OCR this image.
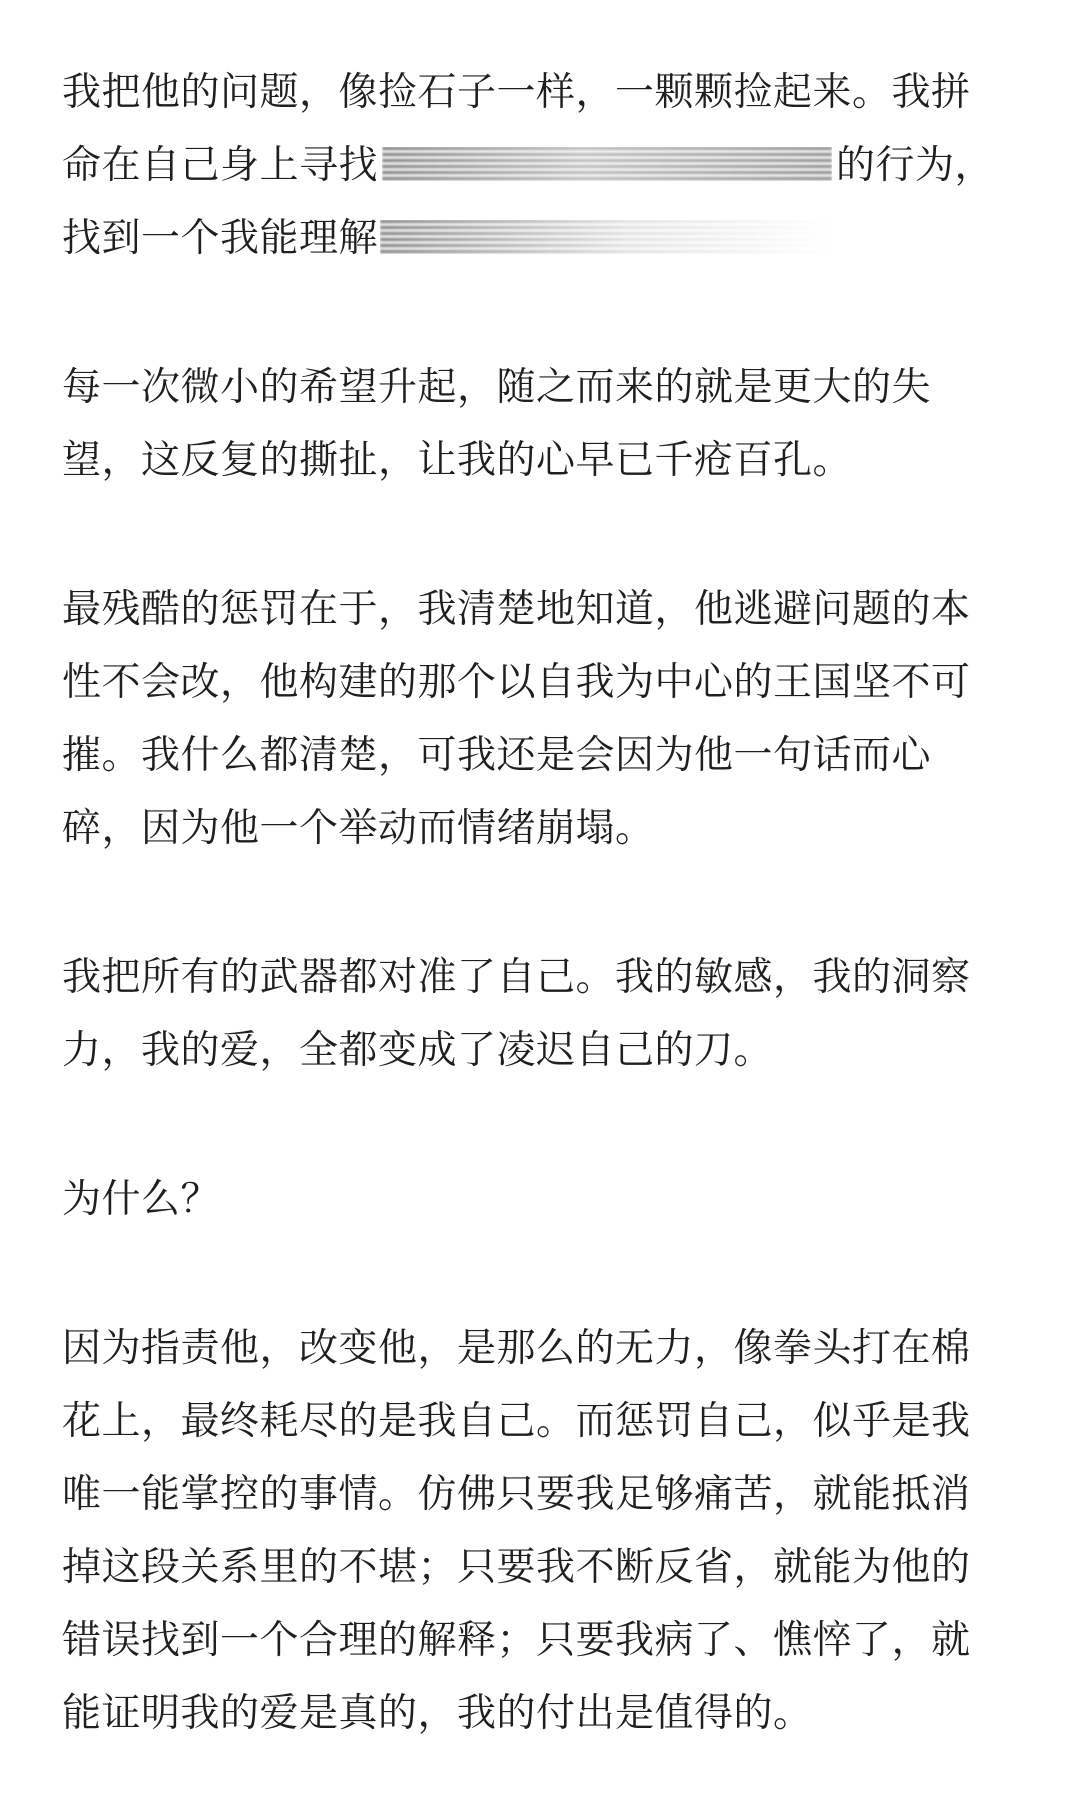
我把他的问题，像捡石子一样，一颗颗捡起来。我拼
命在自己身上寻找	的行为，
找到一个我能理解

每一次微小的希望升起，随之而来的就是更大的失
望，这反复的撕扯，让我的心早已千疮百孔。

最残酷的惩罚在于，我清楚地知道，他逃避问题的本
性不会改，他构建的那个以自我为中心的王国坚不可
摧。我什么都清楚，可我还是会因为他一句话而心
碎，因为他一个举动而情绪崩塌。

我把所有的武器都对准了自己。我的敏感，我的洞察
力，我的爱，全都变成了凌迟自己的刀。

为什么？

因为指责他，改变他，是那么的无力，像拳头打在棉
花上，最终耗尽的是我自己。而惩罚自己，似乎是我
唯一能掌控的事情。仿佛只要我足够痛苦，就能抵消
掉这段关系里的不堪；只要我不断反省，就能为他的
错误找到一个合理的解释；只要我病了、憔悴了，就
能证明我的爱是真的，我的付出是值得的。
